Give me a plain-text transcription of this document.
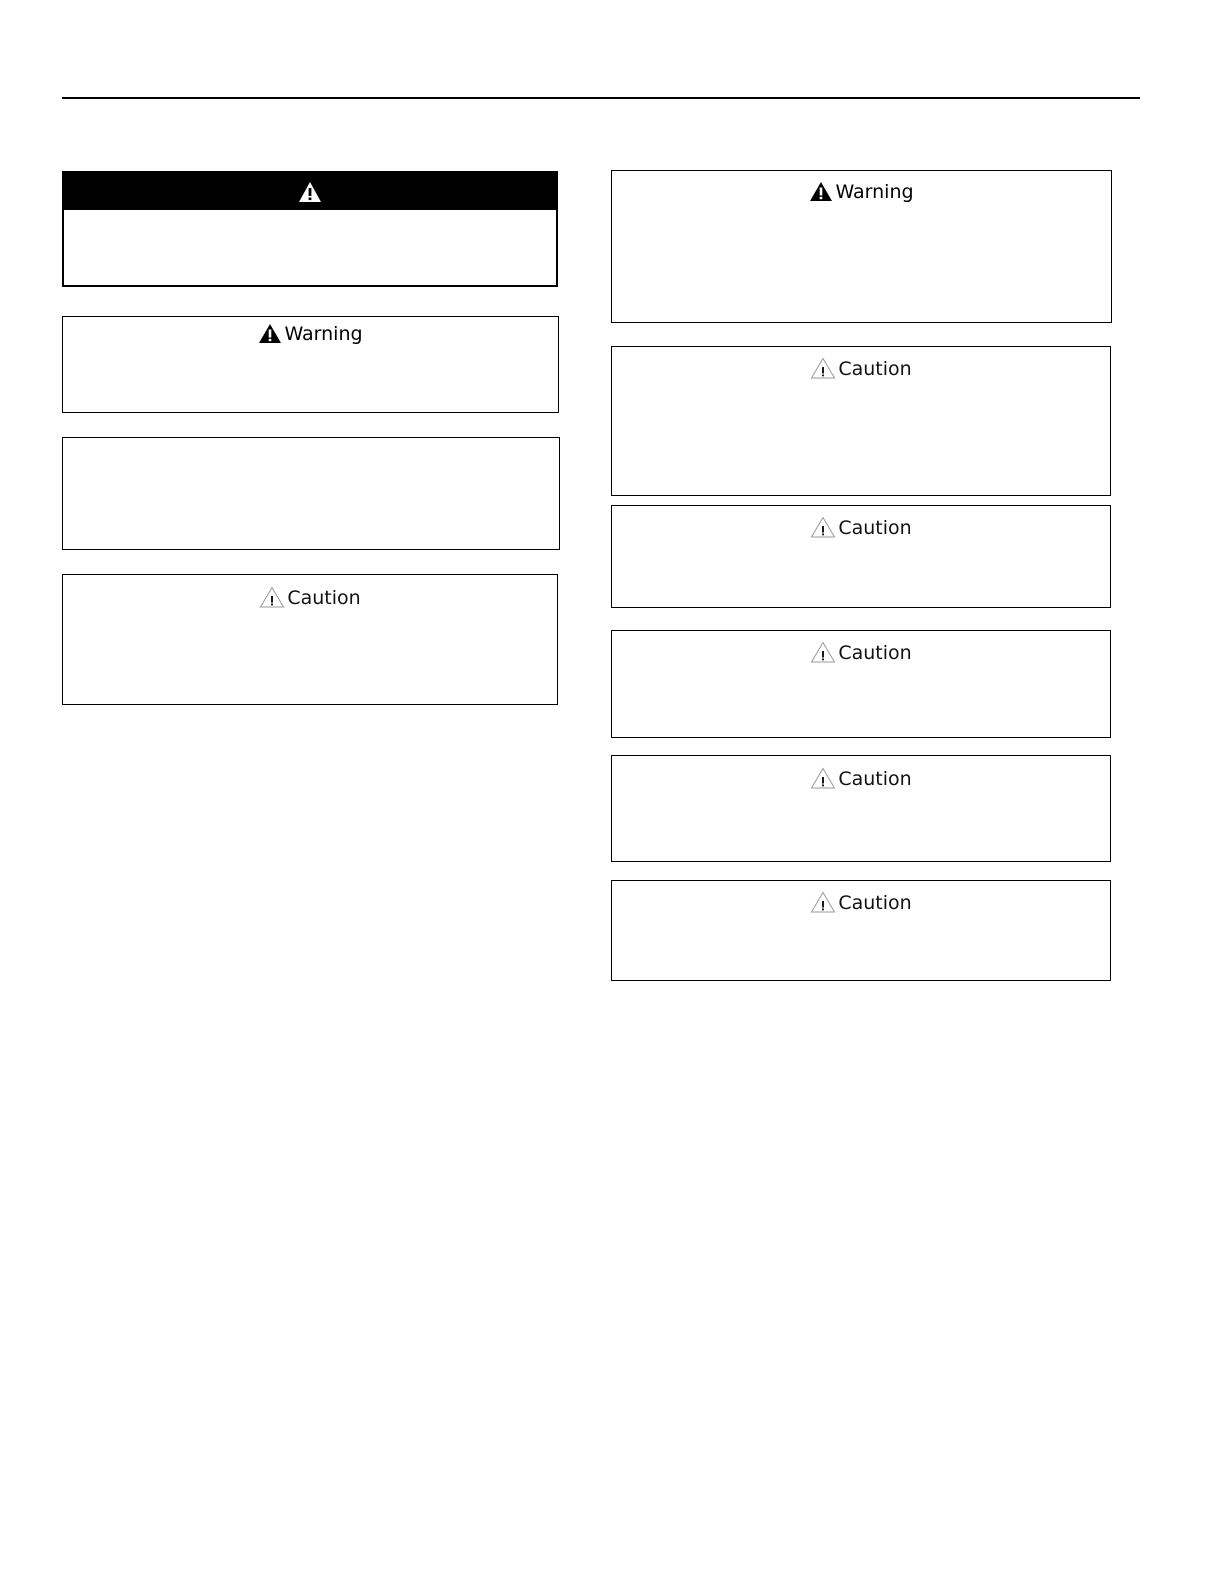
Warning
Caution
Warning
Caution
Caution
Caution
Caution
Caution
